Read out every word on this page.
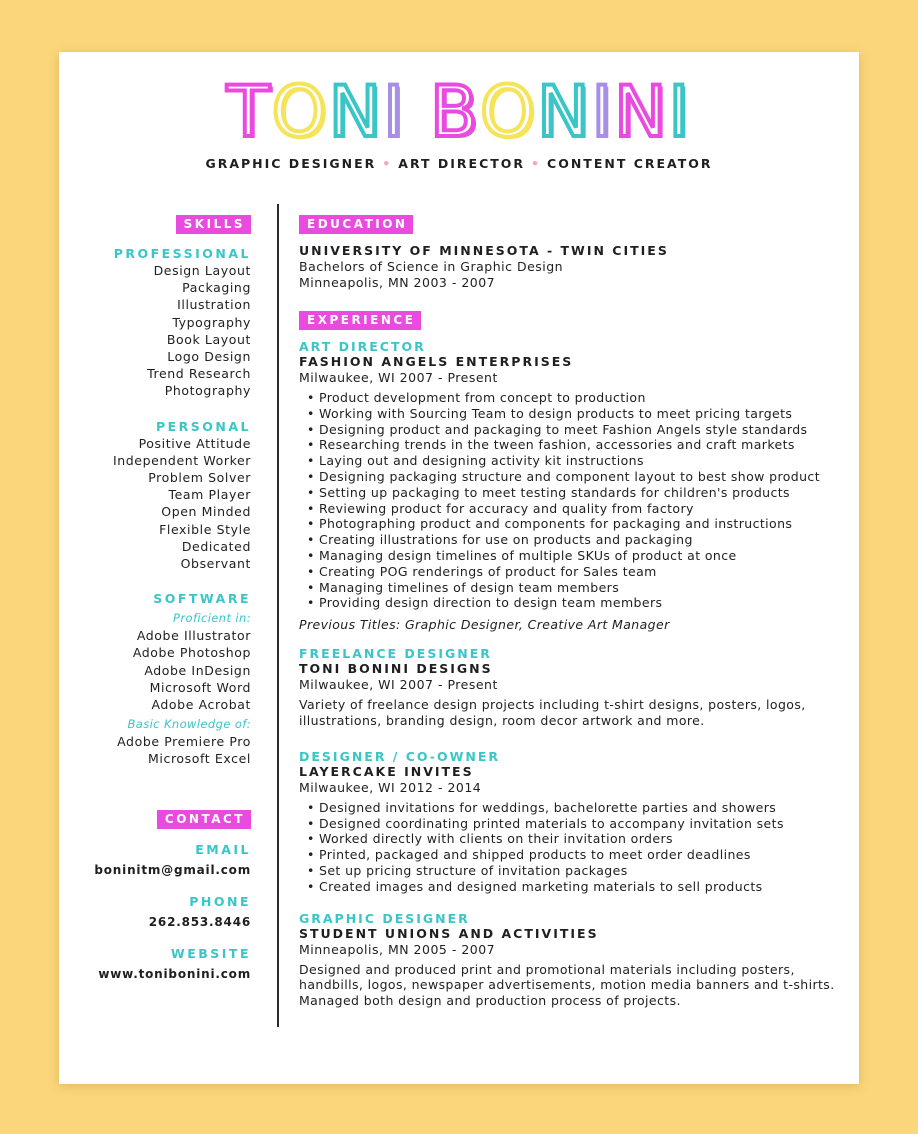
TONI BONINI
GRAPHIC DESIGNER • ART DIRECTOR • CONTENT CREATOR
SKILLS
PROFESSIONAL
Design Layout
Packaging
Illustration
Typography
Book Layout
Logo Design
Trend Research
Photography
PERSONAL
Positive Attitude
Independent Worker
Problem Solver
Team Player
Open Minded
Flexible Style
Dedicated
Observant
SOFTWARE
Proficient in:
Adobe Illustrator
Adobe Photoshop
Adobe InDesign
Microsoft Word
Adobe Acrobat
Basic Knowledge of:
Adobe Premiere Pro
Microsoft Excel
CONTACT
EMAIL
boninitm@gmail.com
PHONE
262.853.8446
WEBSITE
www.tonibonini.com
EDUCATION
UNIVERSITY OF MINNESOTA - TWIN CITIES
Bachelors of Science in Graphic Design
Minneapolis, MN 2003 - 2007
EXPERIENCE
ART DIRECTOR
FASHION ANGELS ENTERPRISES
Milwaukee, WI 2007 - Present
• Product development from concept to production
• Working with Sourcing Team to design products to meet pricing targets
• Designing product and packaging to meet Fashion Angels style standards
• Researching trends in the tween fashion, accessories and craft markets
• Laying out and designing activity kit instructions
• Designing packaging structure and component layout to best show product
• Setting up packaging to meet testing standards for children's products
• Reviewing product for accuracy and quality from factory
• Photographing product and components for packaging and instructions
• Creating illustrations for use on products and packaging
• Managing design timelines of multiple SKUs of product at once
• Creating POG renderings of product for Sales team
• Managing timelines of design team members
• Providing design direction to design team members
Previous Titles: Graphic Designer, Creative Art Manager
FREELANCE DESIGNER
TONI BONINI DESIGNS
Milwaukee, WI 2007 - Present
Variety of freelance design projects including t-shirt designs, posters, logos, illustrations, branding design, room decor artwork and more.
DESIGNER / CO-OWNER
LAYERCAKE INVITES
Milwaukee, WI 2012 - 2014
• Designed invitations for weddings, bachelorette parties and showers
• Designed coordinating printed materials to accompany invitation sets
• Worked directly with clients on their invitation orders
• Printed, packaged and shipped products to meet order deadlines
• Set up pricing structure of invitation packages
• Created images and designed marketing materials to sell products
GRAPHIC DESIGNER
STUDENT UNIONS AND ACTIVITIES
Minneapolis, MN 2005 - 2007
Designed and produced print and promotional materials including posters, handbills, logos, newspaper advertisements, motion media banners and t-shirts. Managed both design and production process of projects.
